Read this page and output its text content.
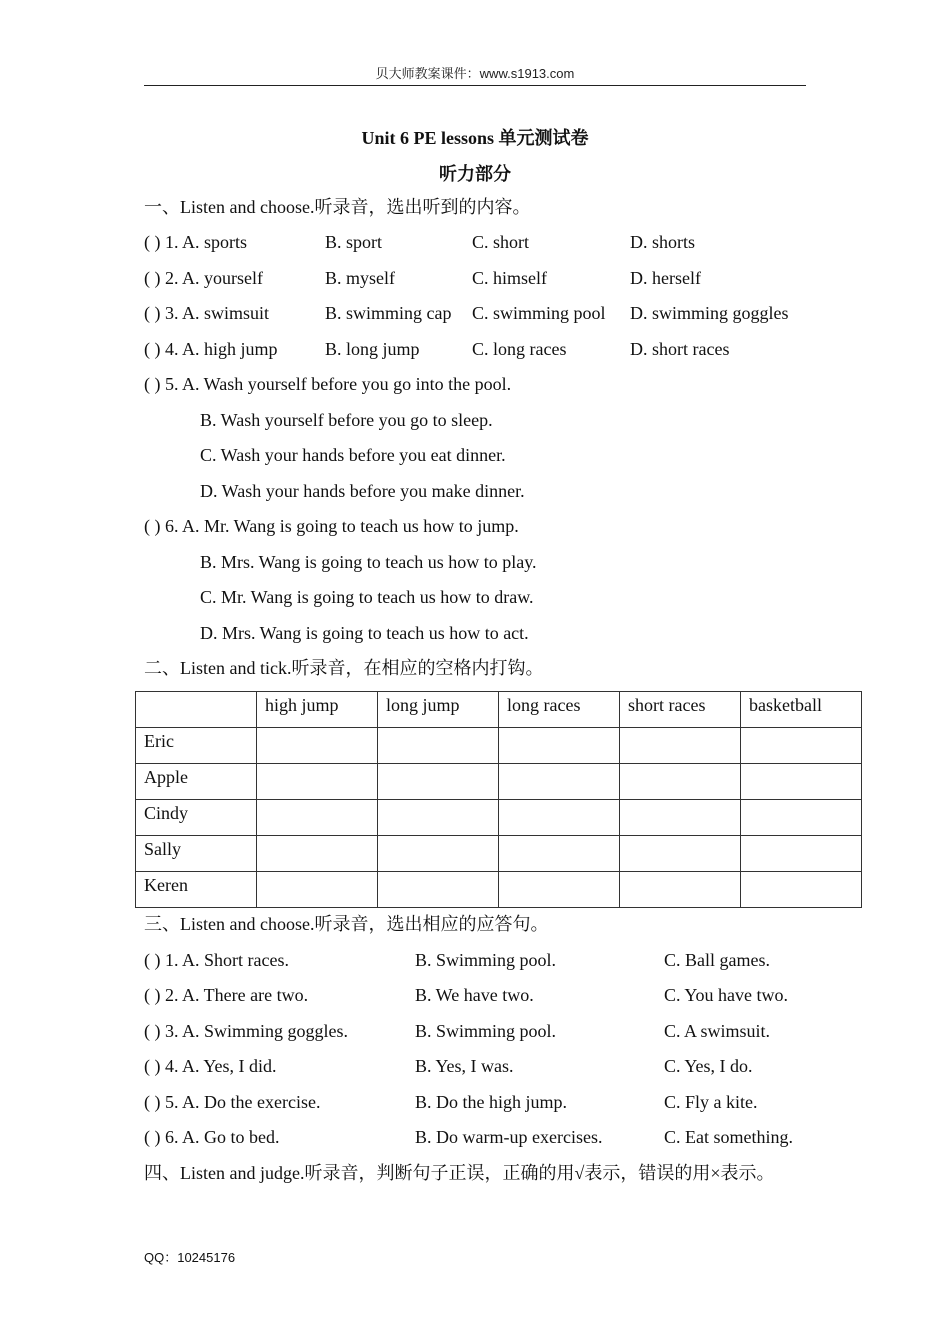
贝大师教案课件：www.s1913.com
Unit 6 PE lessons 单元测试卷
听力部分
一、Listen and choose.听录音，选出听到的内容。
( ) 1. A. sports	B. sport	C. short	D. shorts
( ) 2. A. yourself	B. myself	C. himself	D. herself
( ) 3. A. swimsuit	B. swimming cap C. swimming pool D. swimming goggles
( ) 4. A. high jump	B. long jump	C. long races	D. short races
( ) 5. A. Wash yourself before you go into the pool.
B. Wash yourself before you go to sleep.
C. Wash your hands before you eat dinner.
D. Wash your hands before you make dinner.
( ) 6. A. Mr. Wang is going to teach us how to jump.
B. Mrs. Wang is going to teach us how to play.
C. Mr. Wang is going to teach us how to draw.
D. Mrs. Wang is going to teach us how to act.
二、Listen and tick.听录音，在相应的空格内打钩。
	high jump	long jump	long races	short races	basketball
Eric					
Apple					
Cindy					
Sally					
Keren					
三、Listen and choose.听录音，选出相应的应答句。
( ) 1. A. Short races.	B. Swimming pool.	C. Ball games.
( ) 2. A. There are two.	B. We have two.	C. You have two.
( ) 3. A. Swimming goggles.	B. Swimming pool.	C. A swimsuit.
( ) 4. A. Yes, I did.	B. Yes, I was.	C. Yes, I do.
( ) 5. A. Do the exercise.	B. Do the high jump.	C. Fly a kite.
( ) 6. A. Go to bed.	B. Do warm-up exercises.	C. Eat something.
四、Listen and judge.听录音，判断句子正误，正确的用√表示，错误的用×表示。
QQ：10245176
